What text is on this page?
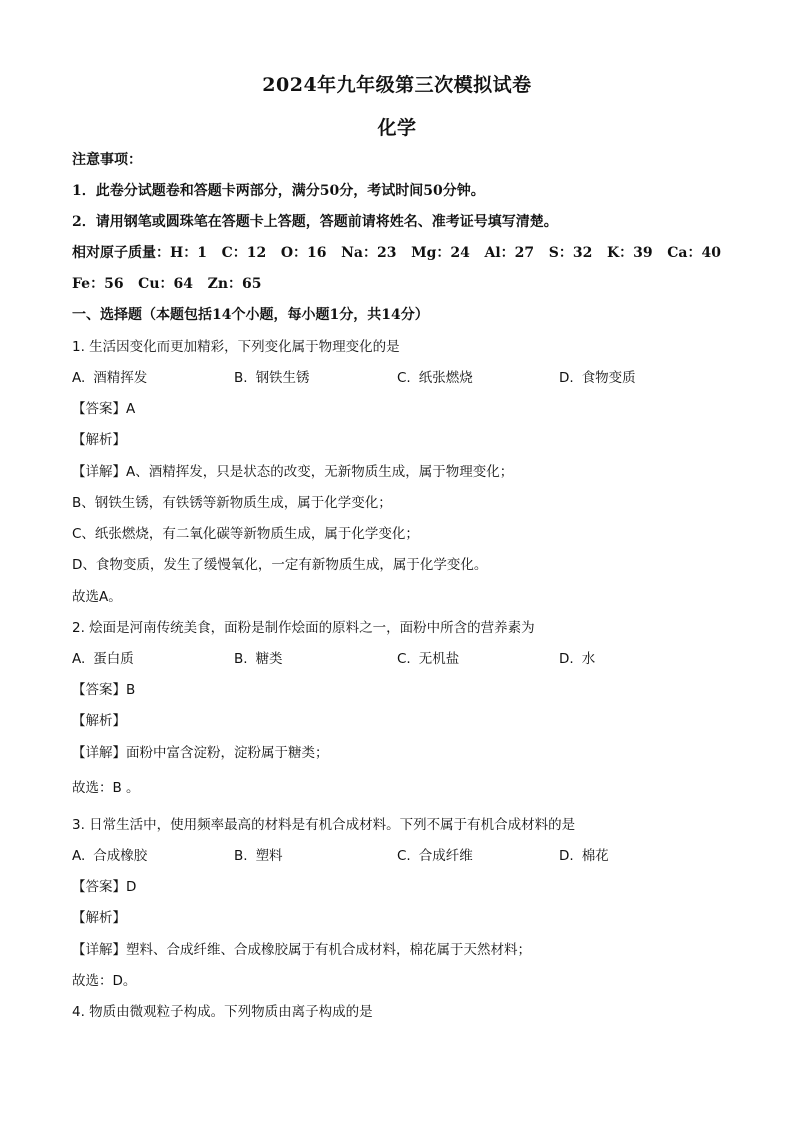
2024年九年级第三次模拟试卷
化学
注意事项：
1．此卷分试题卷和答题卡两部分，满分50分，考试时间50分钟。
2．请用钢笔或圆珠笔在答题卡上答题，答题前请将姓名、准考证号填写清楚。
相对原子质量：H：1   C：12   O：16   Na：23   Mg：24   Al：27   S：32   K：39   Ca：40
Fe：56   Cu：64   Zn：65
一、选择题（本题包括14个小题，每小题1分，共14分）
1. 生活因变化而更加精彩，下列变化属于物理变化的是
A. 酒精挥发	B. 钢铁生锈	C. 纸张燃烧	D. 食物变质
【答案】A
【解析】
【详解】A、酒精挥发，只是状态的改变，无新物质生成，属于物理变化；
B、钢铁生锈，有铁锈等新物质生成，属于化学变化；
C、纸张燃烧，有二氧化碳等新物质生成，属于化学变化；
D、食物变质，发生了缓慢氧化，一定有新物质生成，属于化学变化。
故选A。
2. 烩面是河南传统美食，面粉是制作烩面的原料之一，面粉中所含的营养素为
A. 蛋白质	B. 糖类	C. 无机盐	D. 水
【答案】B
【解析】
【详解】面粉中富含淀粉，淀粉属于糖类；
故选：B 。
3. 日常生活中，使用频率最高的材料是有机合成材料。下列不属于有机合成材料的是
A. 合成橡胶	B. 塑料	C. 合成纤维	D. 棉花
【答案】D
【解析】
【详解】塑料、合成纤维、合成橡胶属于有机合成材料，棉花属于天然材料；
故选：D。
4. 物质由微观粒子构成。下列物质由离子构成的是
